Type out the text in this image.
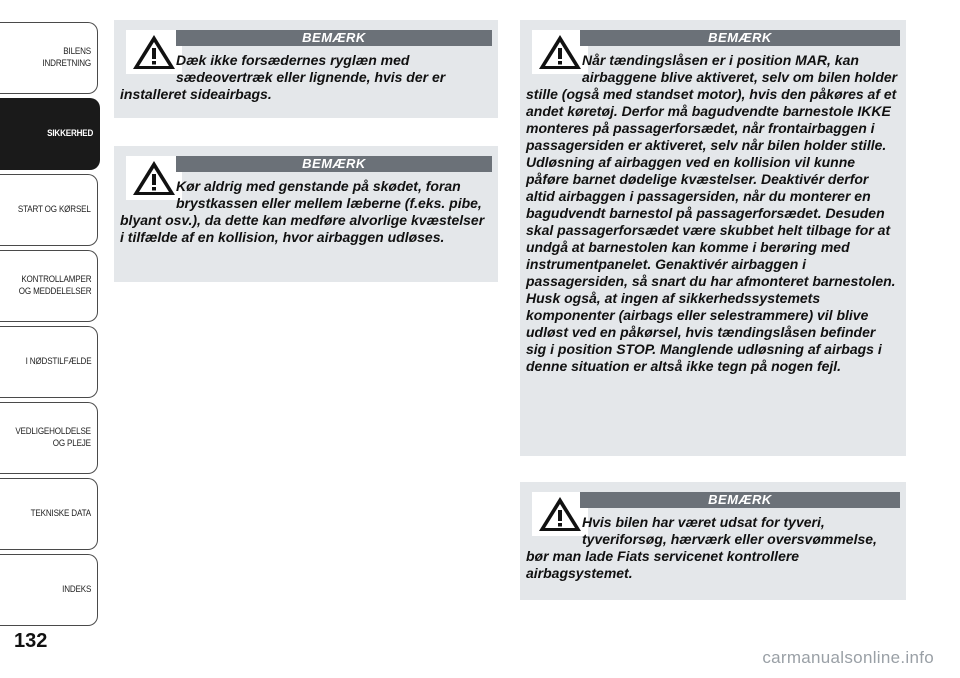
BILENS INDRETNING
SIKKERHED
START OG KØRSEL
KONTROLLAMPER
OG MEDDELELSER
I NØDSTILFÆLDE
VEDLIGEHOLDELSE
OG PLEJE
TEKNISKE DATA
INDEKS
132
BEMÆRK
Dæk ikke forsædernes ryglæn med sædeovertræk eller lignende, hvis der er installeret sideairbags.
BEMÆRK
Kør aldrig med genstande på skødet, foran brystkassen eller mellem læberne (f.eks. pibe, blyant osv.), da dette kan medføre alvorlige kvæstelser i tilfælde af en kollision, hvor airbaggen udløses.
BEMÆRK
Når tændingslåsen er i position MAR, kan airbaggene blive aktiveret, selv om bilen holder stille (også med standset motor), hvis den påkøres af et andet køretøj. Derfor må bagudvendte barnestole IKKE monteres på passagerforsædet, når frontairbaggen i passagersiden er aktiveret, selv når bilen holder stille. Udløsning af airbaggen ved en kollision vil kunne påføre barnet dødelige kvæstelser. Deaktivér derfor altid airbaggen i passagersiden, når du monterer en bagudvendt barnestol på passagerforsædet. Desuden skal passagerforsædet være skubbet helt tilbage for at undgå at barnestolen kan komme i berøring med instrumentpanelet. Genaktivér airbaggen i passagersiden, så snart du har afmonteret barnestolen. Husk også, at ingen af sikkerhedssystemets komponenter (airbags eller selestrammere) vil blive udløst ved en påkørsel, hvis tændingslåsen befinder sig i position STOP. Manglende udløsning af airbags i denne situation er altså ikke tegn på nogen fejl.
BEMÆRK
Hvis bilen har været udsat for tyveri, tyveriforsøg, hærværk eller oversvømmelse, bør man lade Fiats servicenet kontrollere airbagsystemet.
carmanualsonline.info
